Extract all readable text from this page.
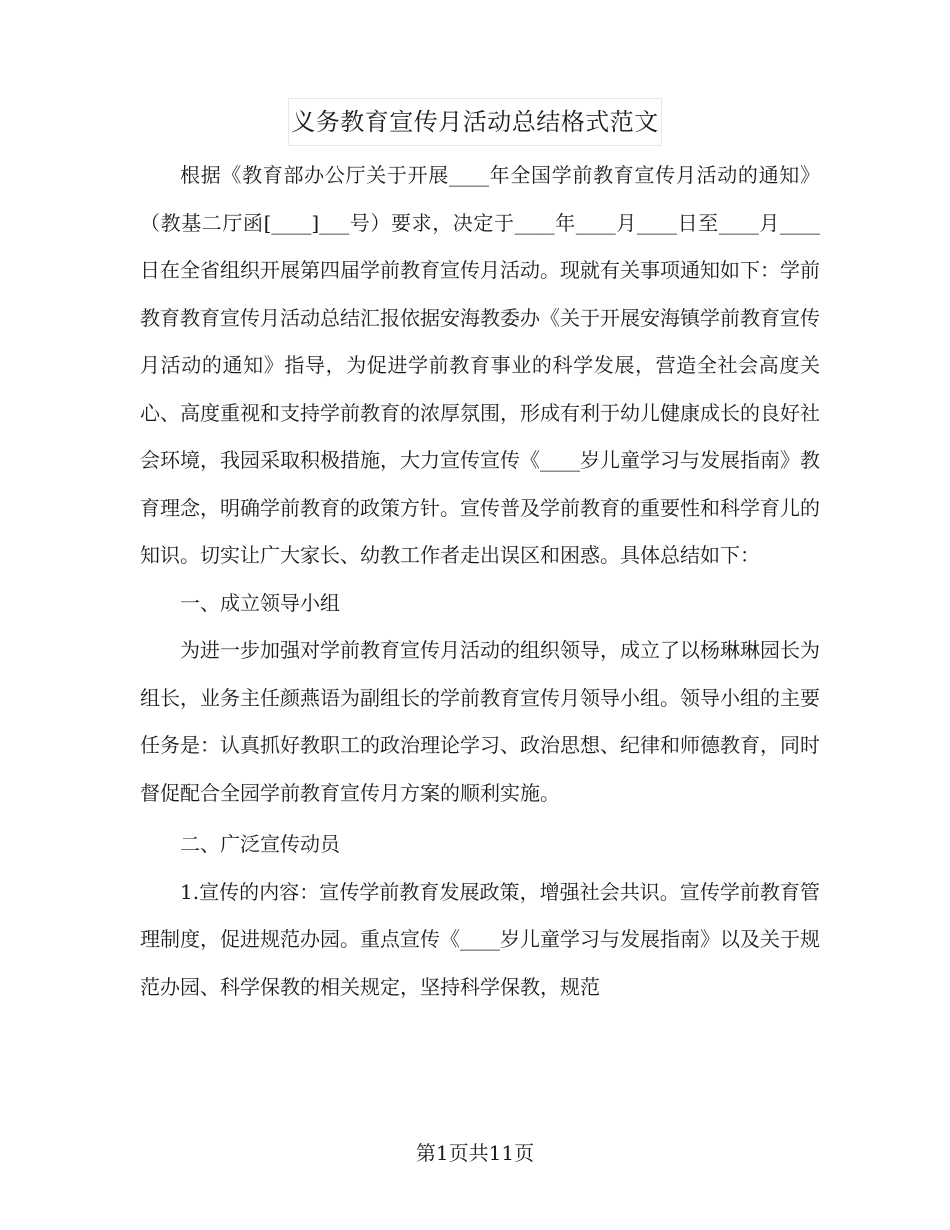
义务教育宣传月活动总结格式范文

根据《教育部办公厅关于开展____年全国学前教育宣传月活动的通知》（教基二厅函[____]___号）要求，决定于____年____月____日至____月____日在全省组织开展第四届学前教育宣传月活动。现就有关事项通知如下：学前教育教育宣传月活动总结汇报依据安海教委办《关于开展安海镇学前教育宣传月活动的通知》指导，为促进学前教育事业的科学发展，营造全社会高度关心、高度重视和支持学前教育的浓厚氛围，形成有利于幼儿健康成长的良好社会环境，我园采取积极措施，大力宣传宣传《____岁儿童学习与发展指南》教育理念，明确学前教育的政策方针。宣传普及学前教育的重要性和科学育儿的知识。切实让广大家长、幼教工作者走出误区和困惑。具体总结如下：

一、成立领导小组

为进一步加强对学前教育宣传月活动的组织领导，成立了以杨琳琳园长为组长，业务主任颜燕语为副组长的学前教育宣传月领导小组。领导小组的主要任务是：认真抓好教职工的政治理论学习、政治思想、纪律和师德教育，同时督促配合全园学前教育宣传月方案的顺利实施。

二、广泛宣传动员

1.宣传的内容：宣传学前教育发展政策，增强社会共识。宣传学前教育管理制度，促进规范办园。重点宣传《____岁儿童学习与发展指南》以及关于规范办园、科学保教的相关规定，坚持科学保教，规范

第1页共11页
